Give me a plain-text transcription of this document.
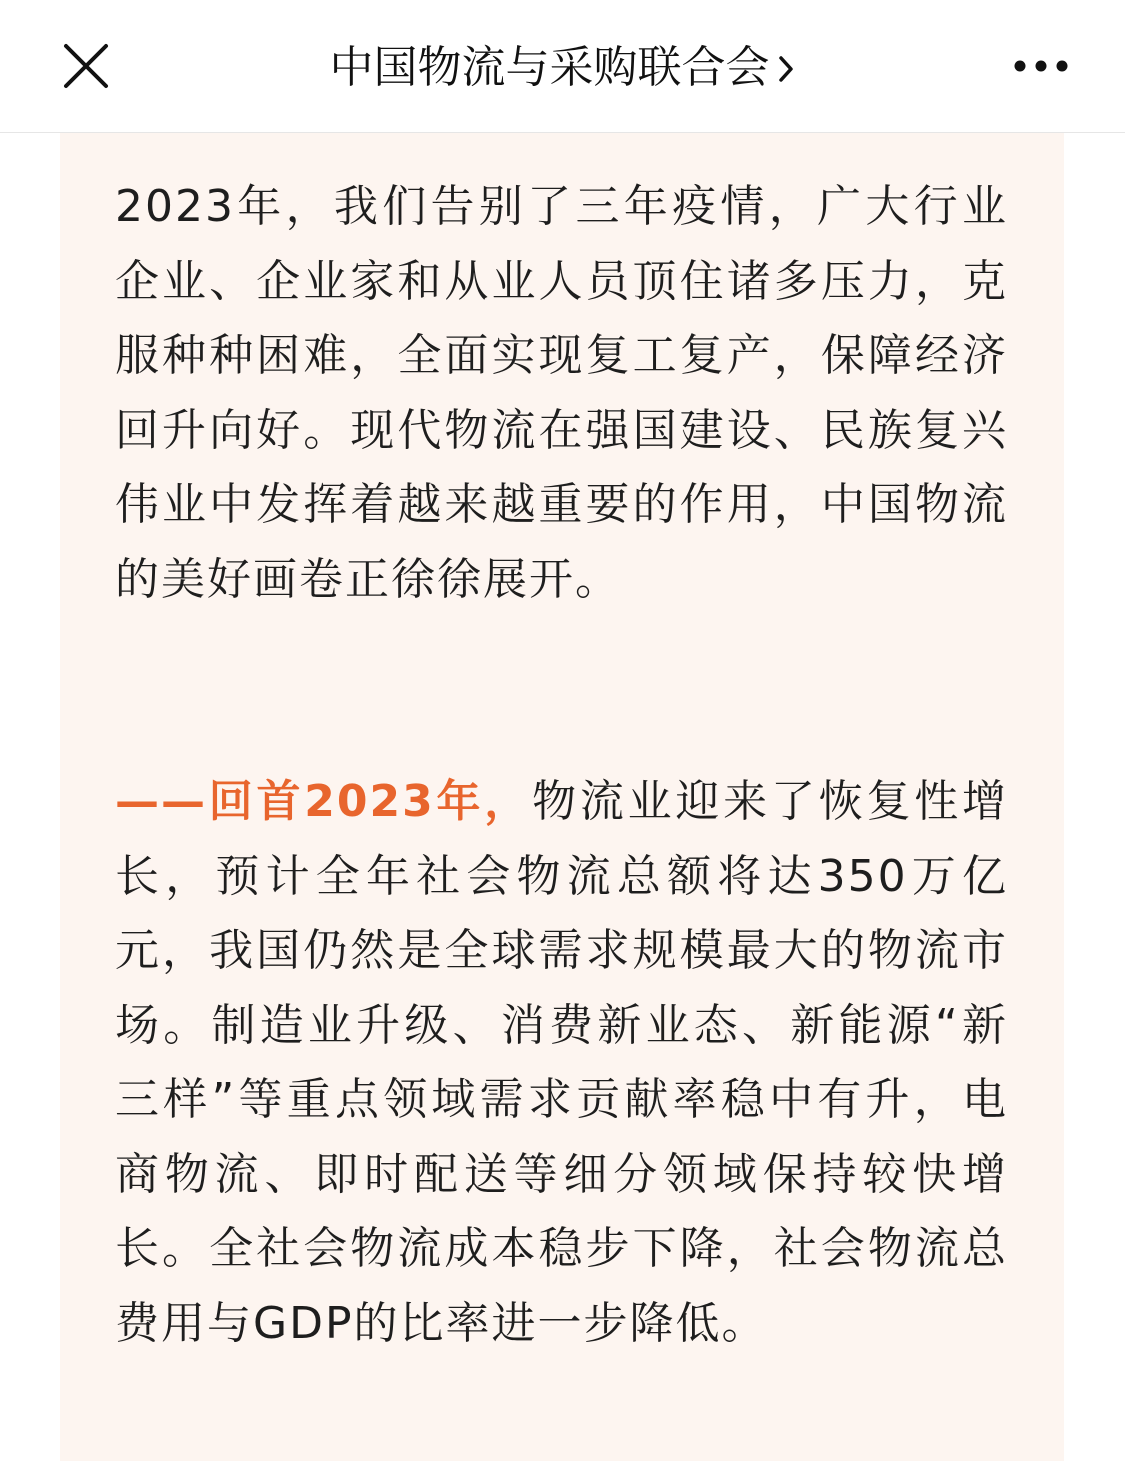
中国物流与采购联合会

2023年，我们告别了三年疫情，广大行业企业、企业家和从业人员顶住诸多压力，克服种种困难，全面实现复工复产，保障经济回升向好。现代物流在强国建设、民族复兴伟业中发挥着越来越重要的作用，中国物流的美好画卷正徐徐展开。

——回首2023年，物流业迎来了恢复性增长，预计全年社会物流总额将达350万亿元，我国仍然是全球需求规模最大的物流市场。制造业升级、消费新业态、新能源“新三样”等重点领域需求贡献率稳中有升，电商物流、即时配送等细分领域保持较快增长。全社会物流成本稳步下降，社会物流总费用与GDP的比率进一步降低。
